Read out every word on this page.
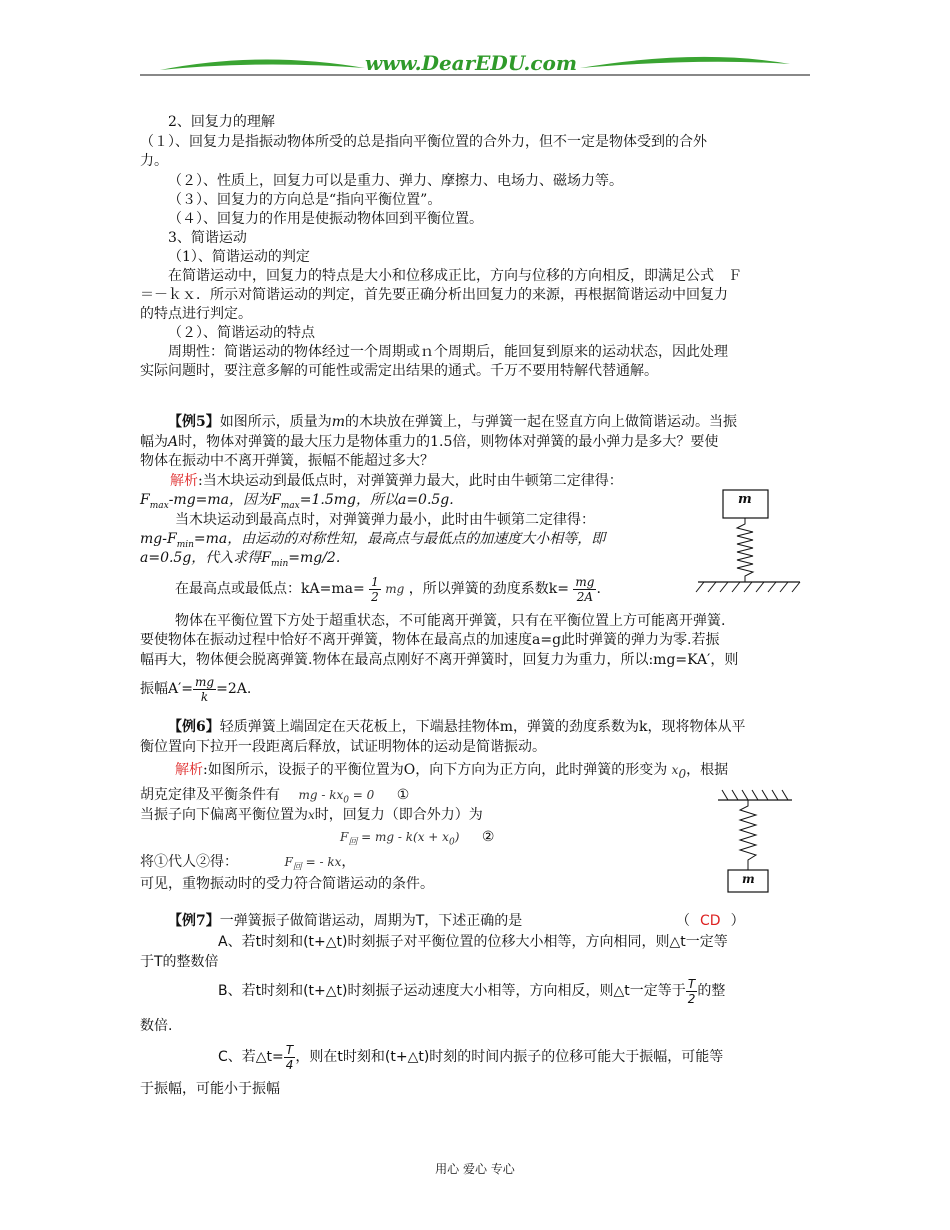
www.DearEDU.com
2、回复力的理解
（１）、回复力是指振动物体所受的总是指向平衡位置的合外力，但不一定是物体受到的合外
力。
（２）、性质上，回复力可以是重力、弹力、摩擦力、电场力、磁场力等。
（３）、回复力的方向总是“指向平衡位置”。
（４）、回复力的作用是使振动物体回到平衡位置。
3、简谐运动
（1）、简谐运动的判定
在简谐运动中，回复力的特点是大小和位移成正比，方向与位移的方向相反，即满足公式　Ｆ
＝－ｋｘ．所示对简谐运动的判定，首先要正确分析出回复力的来源，再根据简谐运动中回复力
的特点进行判定。
（２）、简谐运动的特点
周期性：简谐运动的物体经过一个周期或ｎ个周期后，能回复到原来的运动状态，因此处理
实际问题时，要注意多解的可能性或需定出结果的通式。千万不要用特解代替通解。
【例5】如图所示，质量为m的木块放在弹簧上，与弹簧一起在竖直方向上做简谐运动。当振
幅为A时，物体对弹簧的最大压力是物体重力的1.5倍，则物体对弹簧的最小弹力是多大？要使
物体在振动中不离开弹簧，振幅不能超过多大？
解析:当木块运动到最低点时，对弹簧弹力最大，此时由牛顿第二定律得：
$F_{max}-mg=ma$，因为$F_{max}=1.5mg$，所以a=0.5g.
当木块运动到最高点时，对弹簧弹力最小，此时由牛顿第二定律得：
$mg-F_{min}=ma$，由运动的对称性知，最高点与最低点的加速度大小相等，即
a=0.5g，代入求得$F_{min}=mg/2$.
在最高点或最低点：$kA=ma= \frac{1}{2}$ mg ，所以弹簧的劲度系数$k= \frac{mg}{2A}$ .
m
物体在平衡位置下方处于超重状态，不可能离开弹簧，只有在平衡位置上方可能离开弹簧.
要使物体在振动过程中恰好不离开弹簧，物体在最高点的加速度a=g此时弹簧的弹力为零.若振
幅再大，物体便会脱离弹簧.物体在最高点刚好不离开弹簧时，回复力为重力，所以:mg=KA′，则
振幅$A'= \frac{mg}{k} =2A$.
【例6】轻质弹簧上端固定在天花板上，下端悬挂物体m，弹簧的劲度系数为k，现将物体从平
衡位置向下拉开一段距离后释放，试证明物体的运动是简谐振动。
解析:如图所示，设振子的平衡位置为O，向下方向为正方向，此时弹簧的形变为 $x_0$，根据
胡克定律及平衡条件有 mg - $kx_0 = 0$ ①
当振子向下偏离平衡位置为x时，回复力（即合外力）为
$F_回$ = mg - $k(x + x_0)$ ②
将①代人②得：	$F_回$ = - kx，
可见，重物振动时的受力符合简谐运动的条件。	m
【例7】一弹簧振子做简谐运动，周期为T，下述正确的是	（ CD ）
A、若t时刻和(t+△t)时刻振子对平衡位置的位移大小相等，方向相同，则△t一定等
于T的整数倍
B、若t时刻和(t+△t)时刻振子运动速度大小相等，方向相反，则△t一定等于 $\frac{T}{2}$ 的整
数倍.
C、若△t= $\frac{T}{4}$ ，则在t时刻和(t+△t)时刻的时间内振子的位移可能大于振幅，可能等
于振幅，可能小于振幅
用心 爱心 专心
